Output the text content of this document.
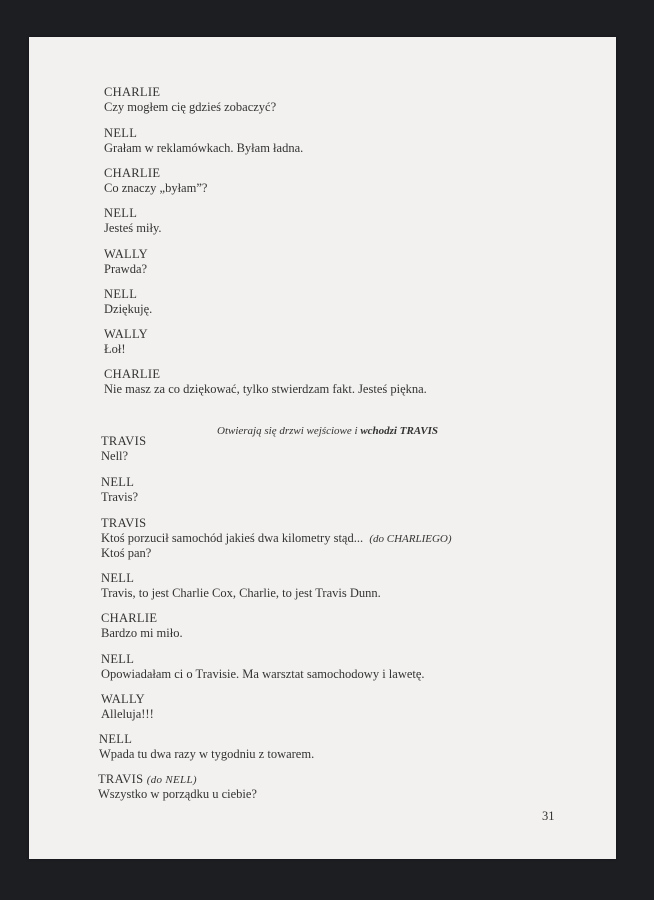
CHARLIE
Czy mogłem cię gdzieś zobaczyć?
NELL
Grałam w reklamówkach. Byłam ładna.
CHARLIE
Co znaczy „byłam”?
NELL
Jesteś miły.
WALLY
Prawda?
NELL
Dziękuję.
WALLY
Łoł!
CHARLIE
Nie masz za co dziękować, tylko stwierdzam fakt. Jesteś piękna.
Otwierają się drzwi wejściowe i wchodzi TRAVIS
TRAVIS
Nell?
NELL
Travis?
TRAVIS
Ktoś porzucił samochód jakieś dwa kilometry stąd... (do CHARLIEGO)
Ktoś pan?
NELL
Travis, to jest Charlie Cox, Charlie, to jest Travis Dunn.
CHARLIE
Bardzo mi miło.
NELL
Opowiadałam ci o Travisie. Ma warsztat samochodowy i lawetę.
WALLY
Alleluja!!!
NELL
Wpada tu dwa razy w tygodniu z towarem.
TRAVIS (do NELL)
Wszystko w porządku u ciebie?
31
